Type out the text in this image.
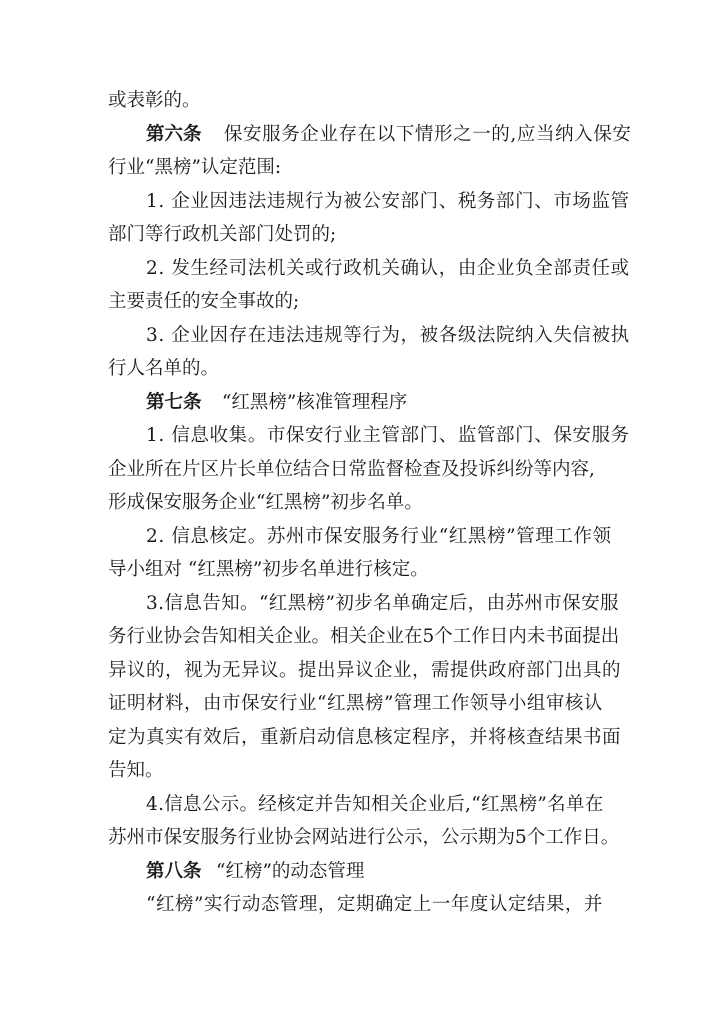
或表彰的。
第六条 保安服务企业存在以下情形之一的,应当纳入保安
行业“黑榜”认定范围:
1. 企业因违法违规行为被公安部门、税务部门、市场监管
部门等行政机关部门处罚的;
2. 发生经司法机关或行政机关确认，由企业负全部责任或
主要责任的安全事故的;
3. 企业因存在违法违规等行为，被各级法院纳入失信被执
行人名单的。
第七条 “红黑榜”核准管理程序
1. 信息收集。市保安行业主管部门、监管部门、保安服务
企业所在片区片长单位结合日常监督检查及投诉纠纷等内容,
形成保安服务企业“红黑榜”初步名单。
2. 信息核定。苏州市保安服务行业“红黑榜”管理工作领
导小组对 “红黑榜”初步名单进行核定。
3.信息告知。“红黑榜”初步名单确定后，由苏州市保安服
务行业协会告知相关企业。相关企业在5个工作日内未书面提出
异议的，视为无异议。提出异议企业，需提供政府部门出具的
证明材料，由市保安行业“红黑榜”管理工作领导小组审核认
定为真实有效后，重新启动信息核定程序，并将核查结果书面
告知。
4.信息公示。经核定并告知相关企业后,“红黑榜”名单在
苏州市保安服务行业协会网站进行公示，公示期为5个工作日。
第八条 “红榜”的动态管理
“红榜”实行动态管理，定期确定上一年度认定结果，并
